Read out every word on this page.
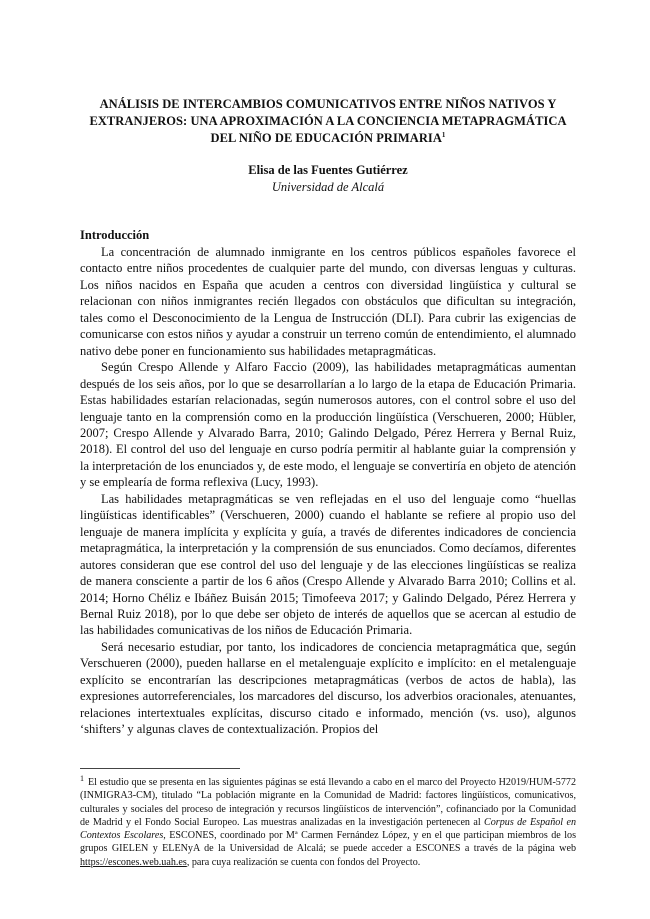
ANÁLISIS DE INTERCAMBIOS COMUNICATIVOS ENTRE NIÑOS NATIVOS Y EXTRANJEROS: UNA APROXIMACIÓN A LA CONCIENCIA METAPRAGMÁTICA DEL NIÑO DE EDUCACIÓN PRIMARIA$^1$

Elisa de las Fuentes Gutiérrez
Universidad de Alcalá
Introducción

La concentración de alumnado inmigrante en los centros públicos españoles favorece el contacto entre niños procedentes de cualquier parte del mundo, con diversas lenguas y culturas. Los niños nacidos en España que acuden a centros con diversidad lingüística y cultural se relacionan con niños inmigrantes recién llegados con obstáculos que dificultan su integración, tales como el Desconocimiento de la Lengua de Instrucción (DLI). Para cubrir las exigencias de comunicarse con estos niños y ayudar a construir un terreno común de entendimiento, el alumnado nativo debe poner en funcionamiento sus habilidades metapragmáticas.

Según Crespo Allende y Alfaro Faccio (2009), las habilidades metapragmáticas aumentan después de los seis años, por lo que se desarrollarían a lo largo de la etapa de Educación Primaria. Estas habilidades estarían relacionadas, según numerosos autores, con el control sobre el uso del lenguaje tanto en la comprensión como en la producción lingüística (Verschueren, 2000; Hübler, 2007; Crespo Allende y Alvarado Barra, 2010; Galindo Delgado, Pérez Herrera y Bernal Ruiz, 2018). El control del uso del lenguaje en curso podría permitir al hablante guiar la comprensión y la interpretación de los enunciados y, de este modo, el lenguaje se convertiría en objeto de atención y se emplearía de forma reflexiva (Lucy, 1993).

Las habilidades metapragmáticas se ven reflejadas en el uso del lenguaje como “huellas lingüísticas identificables” (Verschueren, 2000) cuando el hablante se refiere al propio uso del lenguaje de manera implícita y explícita y guía, a través de diferentes indicadores de conciencia metapragmática, la interpretación y la comprensión de sus enunciados. Como decíamos, diferentes autores consideran que ese control del uso del lenguaje y de las elecciones lingüísticas se realiza de manera consciente a partir de los 6 años (Crespo Allende y Alvarado Barra 2010; Collins et al. 2014; Horno Chéliz e Ibáñez Buisán 2015; Timofeeva 2017; y Galindo Delgado, Pérez Herrera y Bernal Ruiz 2018), por lo que debe ser objeto de interés de aquellos que se acercan al estudio de las habilidades comunicativas de los niños de Educación Primaria.

Será necesario estudiar, por tanto, los indicadores de conciencia metapragmática que, según Verschueren (2000), pueden hallarse en el metalenguaje explícito e implícito: en el metalenguaje explícito se encontrarían las descripciones metapragmáticas (verbos de actos de habla), las expresiones autorreferenciales, los marcadores del discurso, los adverbios oracionales, atenuantes, relaciones intertextuales explícitas, discurso citado e informado, mención (vs. uso), algunos ‘shifters’ y algunas claves de contextualización. Propios del

$^1$ El estudio que se presenta en las siguientes páginas se está llevando a cabo en el marco del Proyecto H2019/HUM-5772 (INMIGRA3-CM), titulado “La población migrante en la Comunidad de Madrid: factores lingüísticos, comunicativos, culturales y sociales del proceso de integración y recursos lingüísticos de intervención”, cofinanciado por la Comunidad de Madrid y el Fondo Social Europeo. Las muestras analizadas en la investigación pertenecen al Corpus de Español en Contextos Escolares, ESCONES, coordinado por Mª Carmen Fernández López, y en el que participan miembros de los grupos GIELEN y ELENyA de la Universidad de Alcalá; se puede acceder a ESCONES a través de la página web https://escones.web.uah.es, para cuya realización se cuenta con fondos del Proyecto.
